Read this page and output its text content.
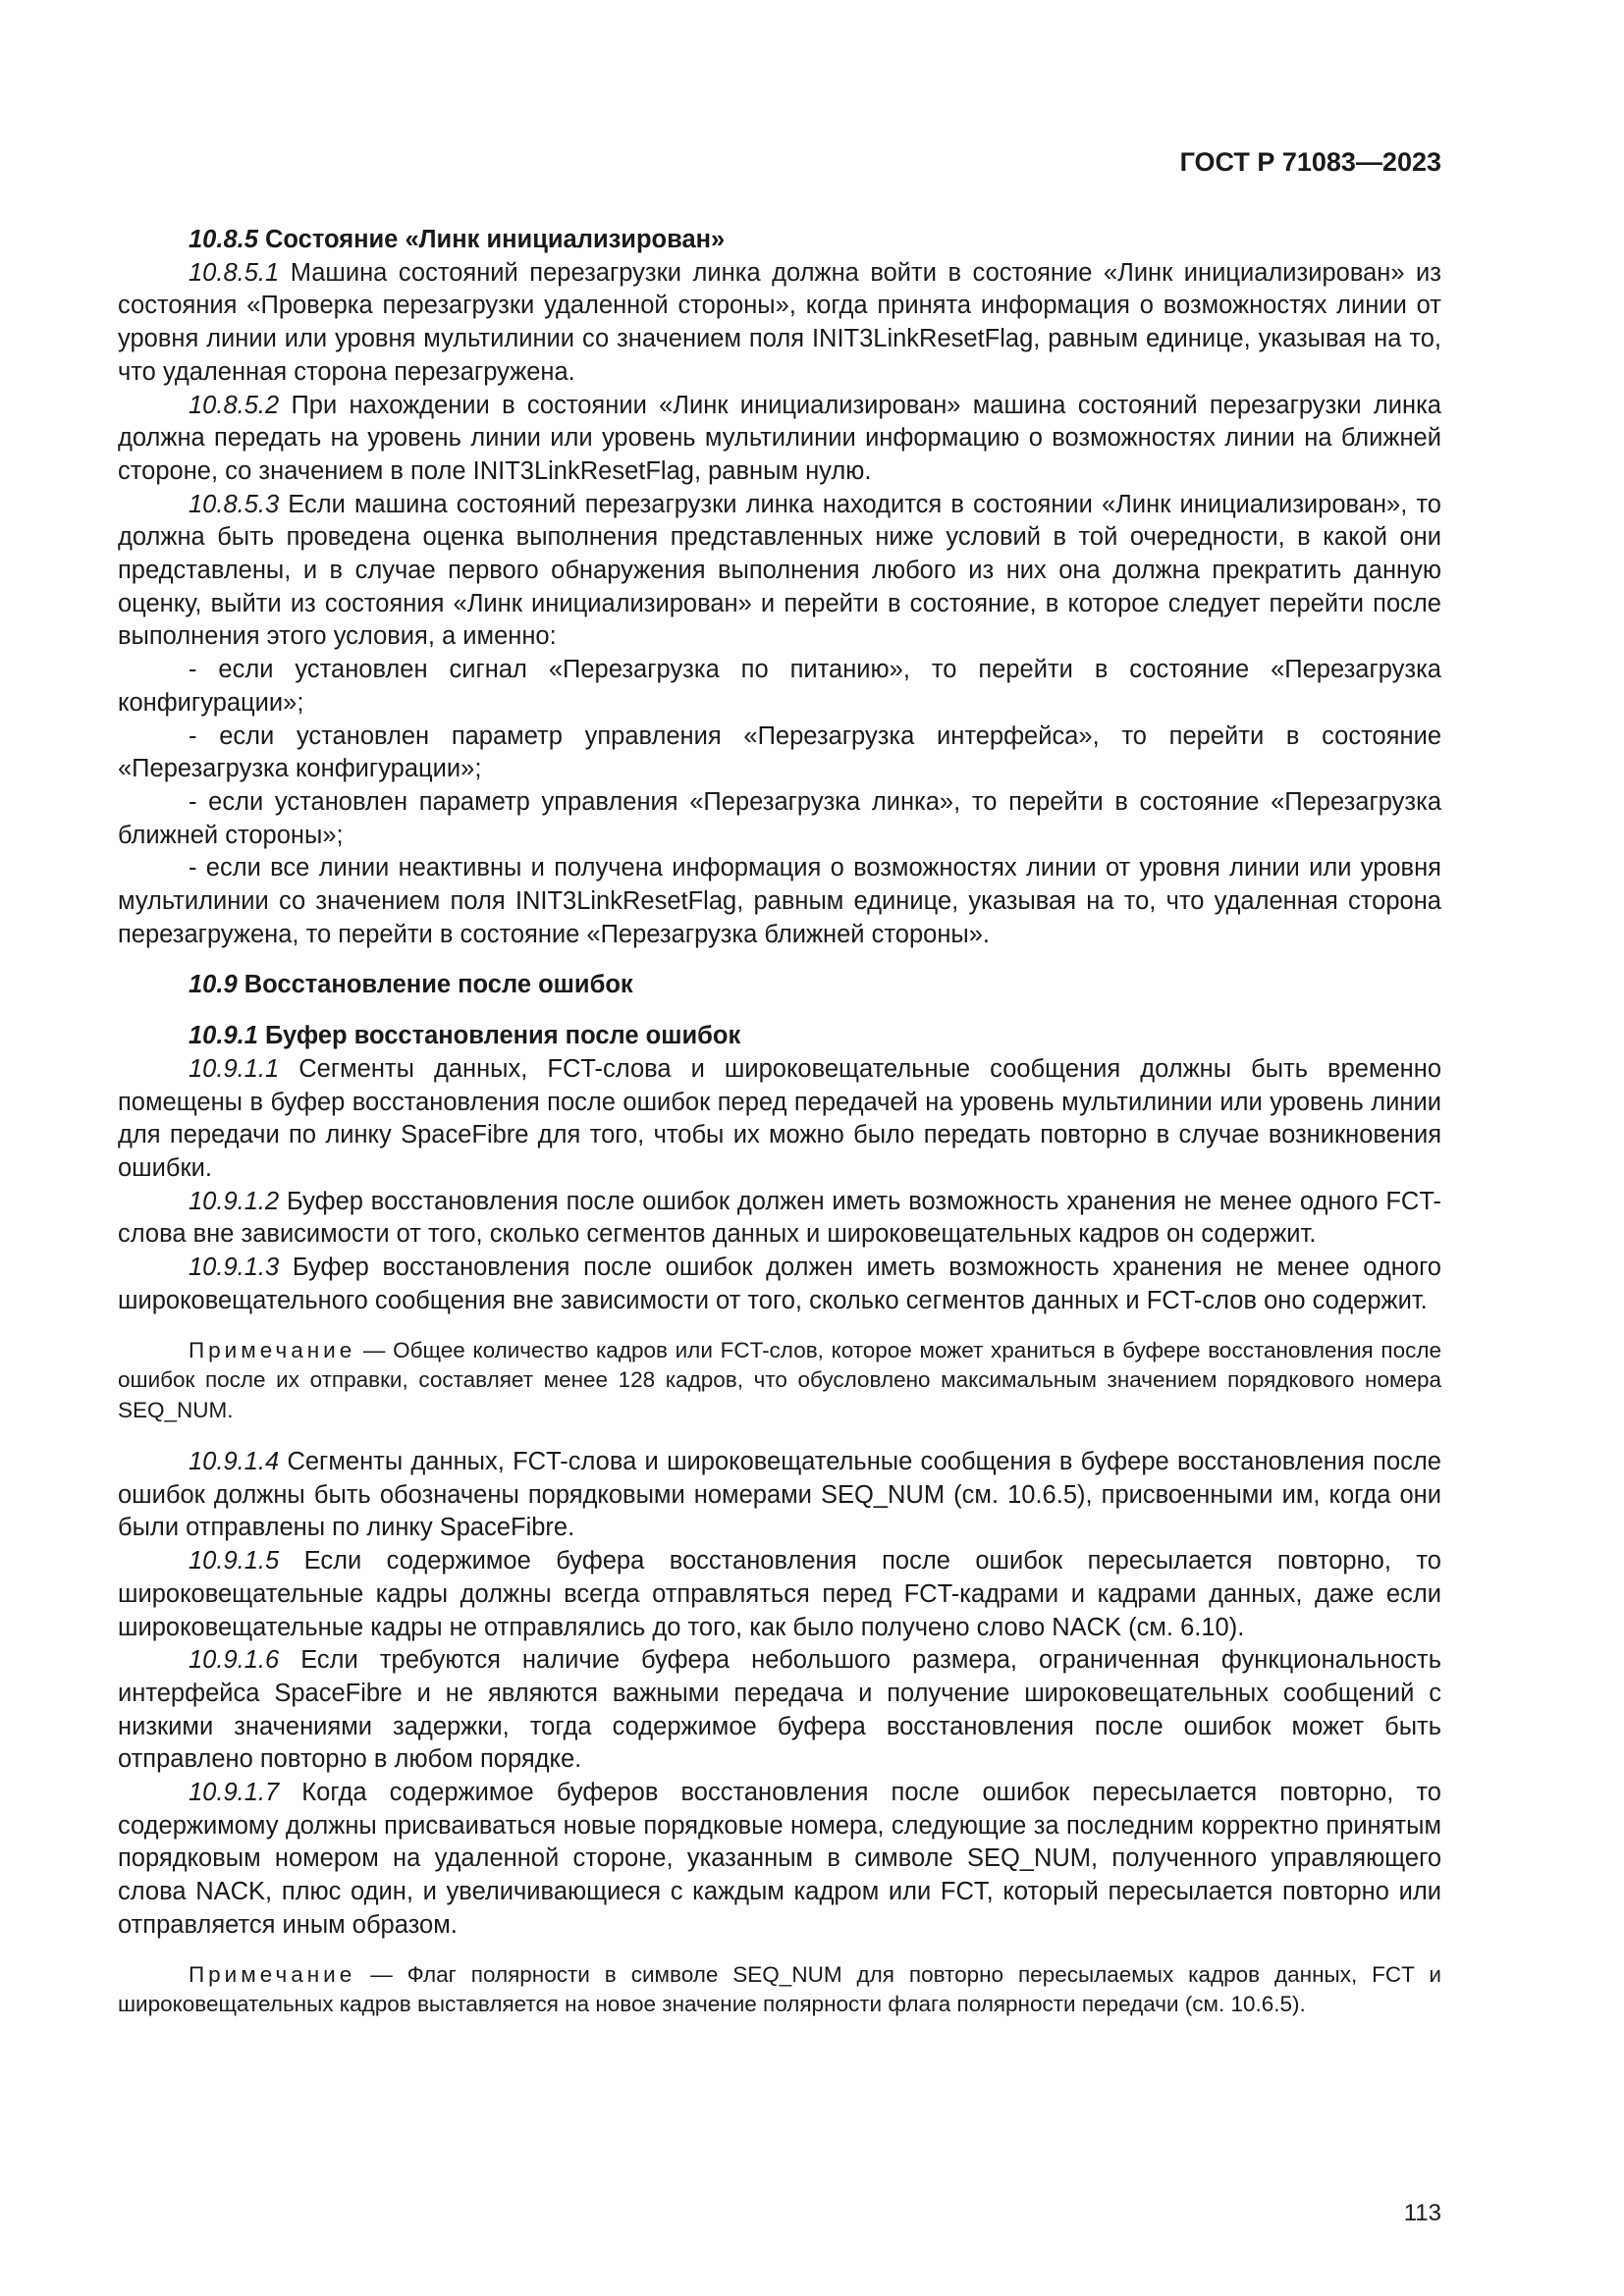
ГОСТ Р 71083—2023

10.8.5 Состояние «Линк инициализирован»

10.8.5.1 Машина состояний перезагрузки линка должна войти в состояние «Линк инициализирован» из состояния «Проверка перезагрузки удаленной стороны», когда принята информация о возможностях линии от уровня линии или уровня мультилинии со значением поля INIT3LinkResetFlag, равным единице, указывая на то, что удаленная сторона перезагружена.

10.8.5.2 При нахождении в состоянии «Линк инициализирован» машина состояний перезагрузки линка должна передать на уровень линии или уровень мультилинии информацию о возможностях линии на ближней стороне, со значением в поле INIT3LinkResetFlag, равным нулю.

10.8.5.3 Если машина состояний перезагрузки линка находится в состоянии «Линк инициализирован», то должна быть проведена оценка выполнения представленных ниже условий в той очередности, в какой они представлены, и в случае первого обнаружения выполнения любого из них она должна прекратить данную оценку, выйти из состояния «Линк инициализирован» и перейти в состояние, в которое следует перейти после выполнения этого условия, а именно:

- если установлен сигнал «Перезагрузка по питанию», то перейти в состояние «Перезагрузка конфигурации»;

- если установлен параметр управления «Перезагрузка интерфейса», то перейти в состояние «Перезагрузка конфигурации»;

- если установлен параметр управления «Перезагрузка линка», то перейти в состояние «Перезагрузка ближней стороны»;

- если все линии неактивны и получена информация о возможностях линии от уровня линии или уровня мультилинии со значением поля INIT3LinkResetFlag, равным единице, указывая на то, что удаленная сторона перезагружена, то перейти в состояние «Перезагрузка ближней стороны».

10.9 Восстановление после ошибок

10.9.1 Буфер восстановления после ошибок

10.9.1.1 Сегменты данных, FCT-слова и широковещательные сообщения должны быть временно помещены в буфер восстановления после ошибок перед передачей на уровень мультилинии или уровень линии для передачи по линку SpaceFibre для того, чтобы их можно было передать повторно в случае возникновения ошибки.

10.9.1.2 Буфер восстановления после ошибок должен иметь возможность хранения не менее одного FCT-слова вне зависимости от того, сколько сегментов данных и широковещательных кадров он содержит.

10.9.1.3 Буфер восстановления после ошибок должен иметь возможность хранения не менее одного широковещательного сообщения вне зависимости от того, сколько сегментов данных и FCT-слов оно содержит.

Примечание — Общее количество кадров или FCT-слов, которое может храниться в буфере восстановления после ошибок после их отправки, составляет менее 128 кадров, что обусловлено максимальным значением порядкового номера SEQ_NUM.

10.9.1.4 Сегменты данных, FCT-слова и широковещательные сообщения в буфере восстановления после ошибок должны быть обозначены порядковыми номерами SEQ_NUM (см. 10.6.5), присвоенными им, когда они были отправлены по линку SpaceFibre.

10.9.1.5 Если содержимое буфера восстановления после ошибок пересылается повторно, то широковещательные кадры должны всегда отправляться перед FCT-кадрами и кадрами данных, даже если широковещательные кадры не отправлялись до того, как было получено слово NACK (см. 6.10).

10.9.1.6 Если требуются наличие буфера небольшого размера, ограниченная функциональность интерфейса SpaceFibre и не являются важными передача и получение широковещательных сообщений с низкими значениями задержки, тогда содержимое буфера восстановления после ошибок может быть отправлено повторно в любом порядке.

10.9.1.7 Когда содержимое буферов восстановления после ошибок пересылается повторно, то содержимому должны присваиваться новые порядковые номера, следующие за последним корректно принятым порядковым номером на удаленной стороне, указанным в символе SEQ_NUM, полученного управляющего слова NACK, плюс один, и увеличивающиеся с каждым кадром или FCT, который пересылается повторно или отправляется иным образом.

Примечание — Флаг полярности в символе SEQ_NUM для повторно пересылаемых кадров данных, FCT и широковещательных кадров выставляется на новое значение полярности флага полярности передачи (см. 10.6.5).

113
